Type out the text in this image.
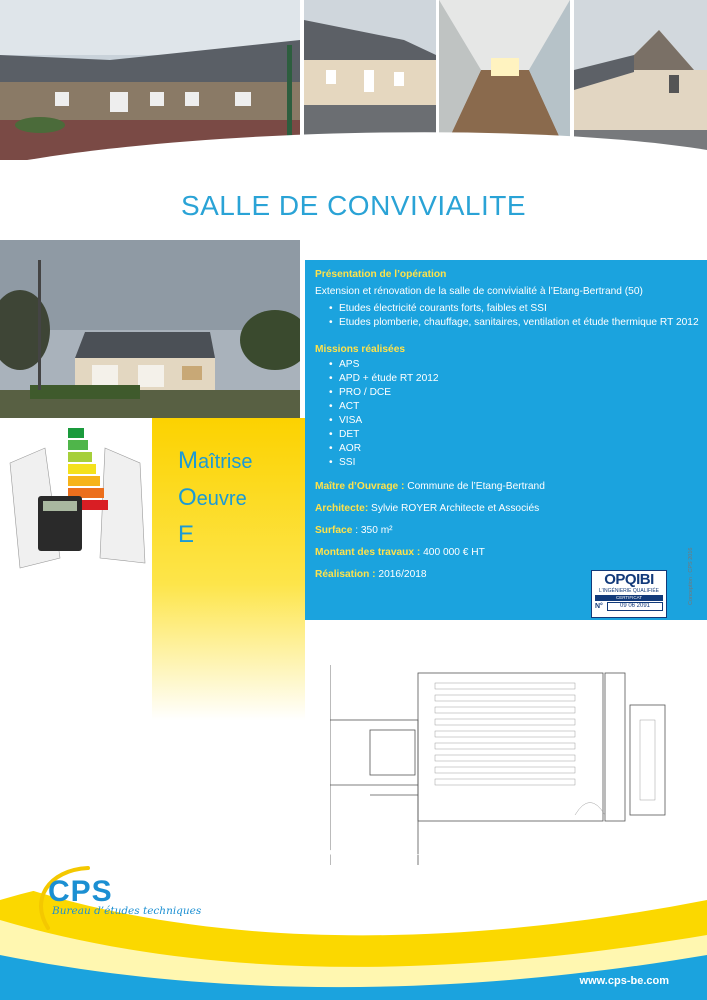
SALLE DE CONVIVIALITE
Maîtrise
Oeuvre
E
Présentation de l’opération
Extension et rénovation de la salle de convivialité à l’Etang-Bertrand (50)
• Etudes électricité courants forts, faibles et SSI
• Etudes plomberie, chauffage, sanitaires, ventilation et étude thermique RT 2012
Missions réalisées
• APS
• APD + étude RT 2012
• PRO / DCE
• ACT
• VISA
• DET
• AOR
• SSI
Maître d’Ouvrage : Commune de l’Etang-Bertrand
Architecte: Sylvie ROYER Architecte et Associés
Surface : 350 m²
Montant des travaux : 400 000 € HT
Réalisation : 2016/2018	OPQIBI
L’INGÉNIERIE QUALIFIÉE
CERTIFICAT
N°	09 06 2091
Conception : CPS 2016
CPS
Bureau d’études techniques
www.cps-be.com
